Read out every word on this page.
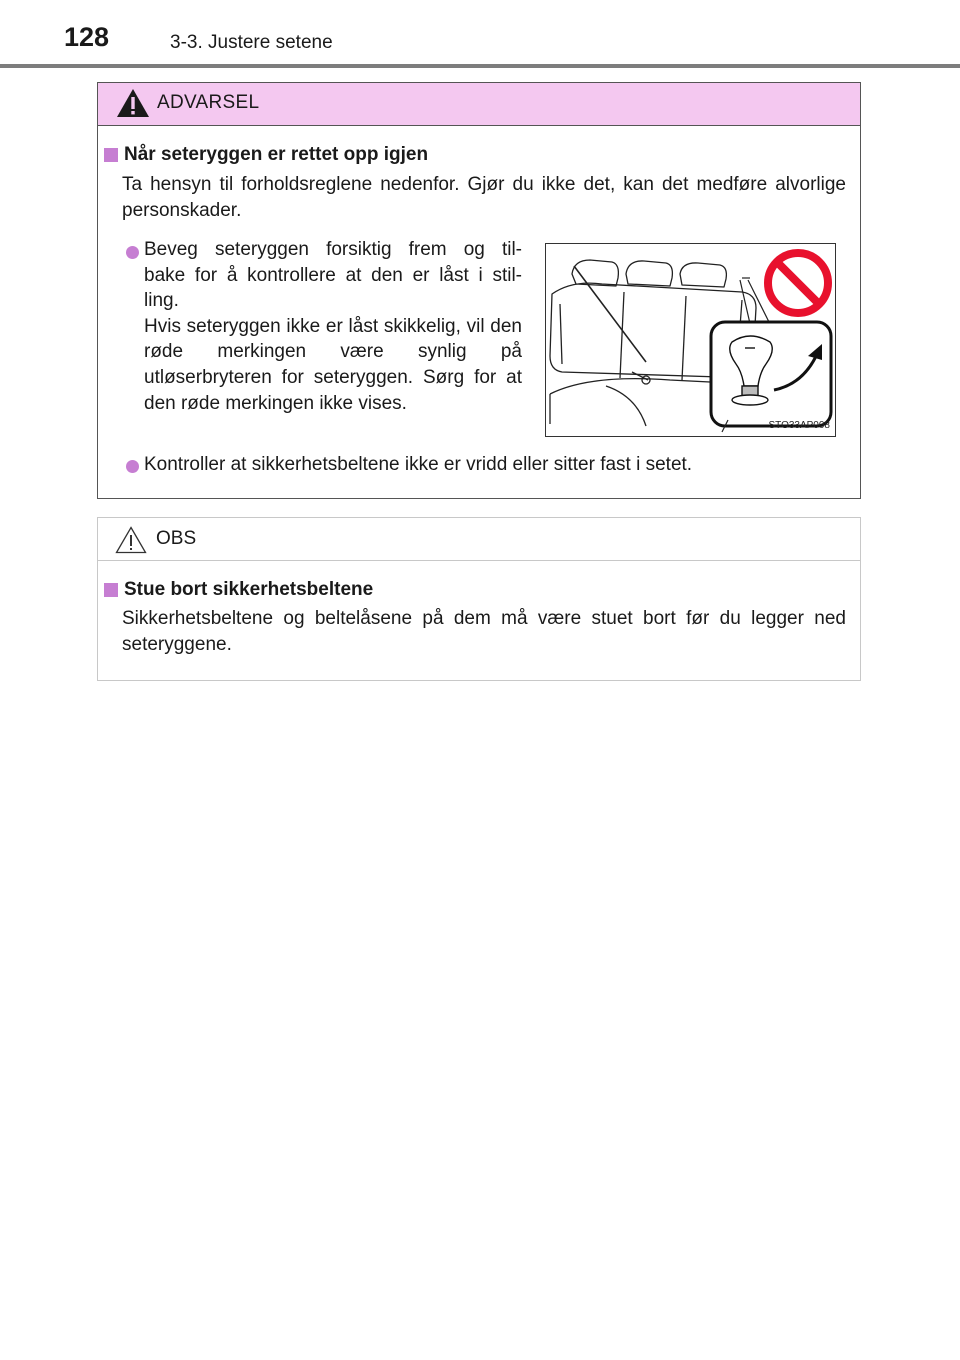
128	3-3. Justere setene
ADVARSEL
Når seteryggen er rettet opp igjen
Ta hensyn til forholdsreglene nedenfor. Gjør du ikke det, kan det medføre alvorlige personskader.
Beveg seteryggen forsiktig frem og til-
bake for å kontrollere at den er låst i stil-
ling.
Hvis seteryggen ikke er låst skikkelig, vil den røde merkingen være synlig på utløserbryteren for seteryggen. Sørg for at den røde merkingen ikke vises.
STO33AP008
Kontroller at sikkerhetsbeltene ikke er vridd eller sitter fast i setet.
OBS
Stue bort sikkerhetsbeltene
Sikkerhetsbeltene og beltelåsene på dem må være stuet bort før du legger ned seteryggene.
